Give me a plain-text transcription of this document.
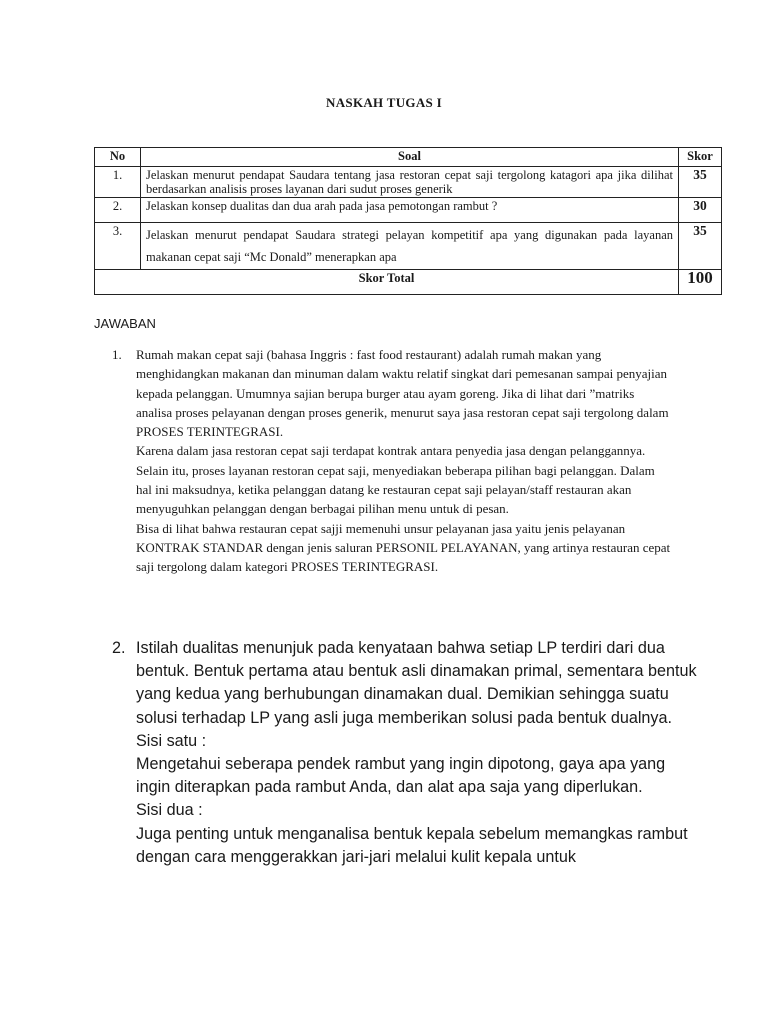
NASKAH TUGAS I
No	Soal	Skor
1.	Jelaskan menurut pendapat Saudara tentang jasa restoran cepat saji tergolong katagori apa jika dilihat berdasarkan analisis proses layanan dari sudut proses generik	35
2.	Jelaskan konsep dualitas dan dua arah pada jasa pemotongan rambut ?	30
3.	Jelaskan menurut pendapat Saudara strategi pelayan kompetitif apa yang digunakan pada layanan makanan cepat saji “Mc Donald” menerapkan apa	35
Skor Total		100
JAWABAN
1. Rumah makan cepat saji (bahasa Inggris : fast food restaurant) adalah rumah makan yang menghidangkan makanan dan minuman dalam waktu relatif singkat dari pemesanan sampai penyajian kepada pelanggan. Umumnya sajian berupa burger atau ayam goreng. Jika di lihat dari ”matriks analisa proses pelayanan dengan proses generik, menurut saya jasa restoran cepat saji tergolong dalam PROSES TERINTEGRASI.

Karena dalam jasa restoran cepat saji terdapat kontrak antara penyedia jasa dengan pelanggannya. Selain itu, proses layanan restoran cepat saji, menyediakan beberapa pilihan bagi pelanggan. Dalam hal ini maksudnya, ketika pelanggan datang ke restauran cepat saji pelayan/staff restauran akan menyuguhkan pelanggan dengan berbagai pilihan menu untuk di pesan.

Bisa di lihat bahwa restauran cepat sajji memenuhi unsur pelayanan jasa yaitu jenis pelayanan KONTRAK STANDAR dengan jenis saluran PERSONIL PELAYANAN, yang artinya restauran cepat saji tergolong dalam kategori PROSES TERINTEGRASI.

2. Istilah dualitas menunjuk pada kenyataan bahwa setiap LP terdiri dari dua bentuk. Bentuk pertama atau bentuk asli dinamakan primal, sementara bentuk yang kedua yang berhubungan dinamakan dual. Demikian sehingga suatu solusi terhadap LP yang asli juga memberikan solusi pada bentuk dualnya.

Sisi satu :

Mengetahui seberapa pendek rambut yang ingin dipotong, gaya apa yang ingin diterapkan pada rambut Anda, dan alat apa saja yang diperlukan.

Sisi dua :

Juga penting untuk menganalisa bentuk kepala sebelum memangkas rambut dengan cara menggerakkan jari-jari melalui kulit kepala untuk
